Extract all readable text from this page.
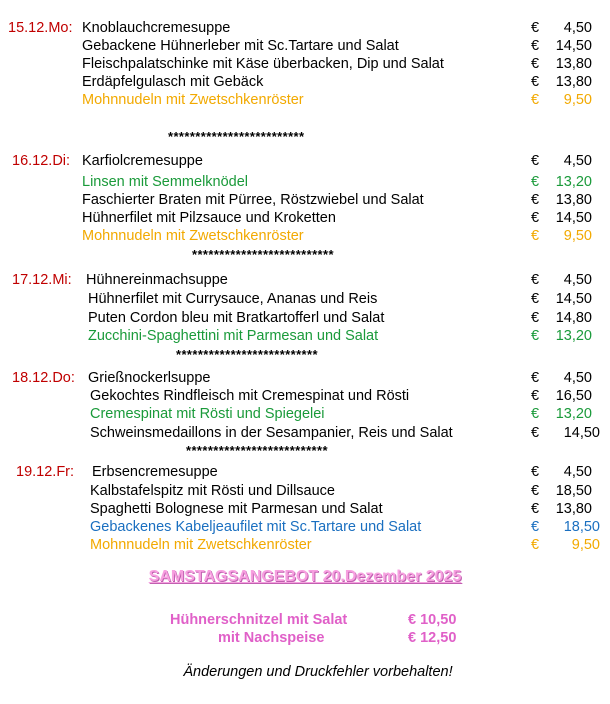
15.12.Mo: Knoblauchcremesuppe	€ 4,50
Gebackene Hühnerleber mit Sc.Tartare und Salat	€ 14,50
Fleischpalatschinke mit Käse überbacken, Dip und Salat	€ 13,80
Erdäpfelgulasch mit Gebäck	€ 13,80
Mohnnudeln mit Zwetschkenröster	€ 9,50
*************************
16.12.Di: Karfiolcremesuppe	€ 4,50
Linsen mit Semmelknödel	€ 13,20
Faschierter Braten mit Pürree, Röstzwiebel und Salat	€ 13,80
Hühnerfilet mit Pilzsauce und Kroketten	€ 14,50
Mohnnudeln mit Zwetschkenröster	€ 9,50
**************************
17.12.Mi: Hühnereinmachsuppe	€ 4,50
Hühnerfilet mit Currysauce, Ananas und Reis	€ 14,50
Puten Cordon bleu mit Bratkartofferl und Salat	€ 14,80
Zucchini-Spaghettini mit Parmesan und Salat	€ 13,20
**************************
18.12.Do: Grießnockerlsuppe	€ 4,50
Gekochtes Rindfleisch mit Cremespinat und Rösti	€ 16,50
Cremespinat mit Rösti und Spiegelei	€ 13,20
Schweinsmedaillons in der Sesampanier, Reis und Salat	€ 14,50
**************************
19.12.Fr: Erbsencremesuppe	€ 4,50
Kalbstafelspitz mit Rösti und Dillsauce	€ 18,50
Spaghetti Bolognese mit Parmesan und Salat	€ 13,80
Gebackenes Kabeljeaufilet mit Sc.Tartare und Salat	€ 18,50
Mohnnudeln mit Zwetschkenröster	€ 9,50
SAMSTAGSANGEBOT 20.Dezember 2025
Hühnerschnitzel mit Salat	€ 10,50
mit Nachspeise	€ 12,50
Änderungen und Druckfehler vorbehalten!
